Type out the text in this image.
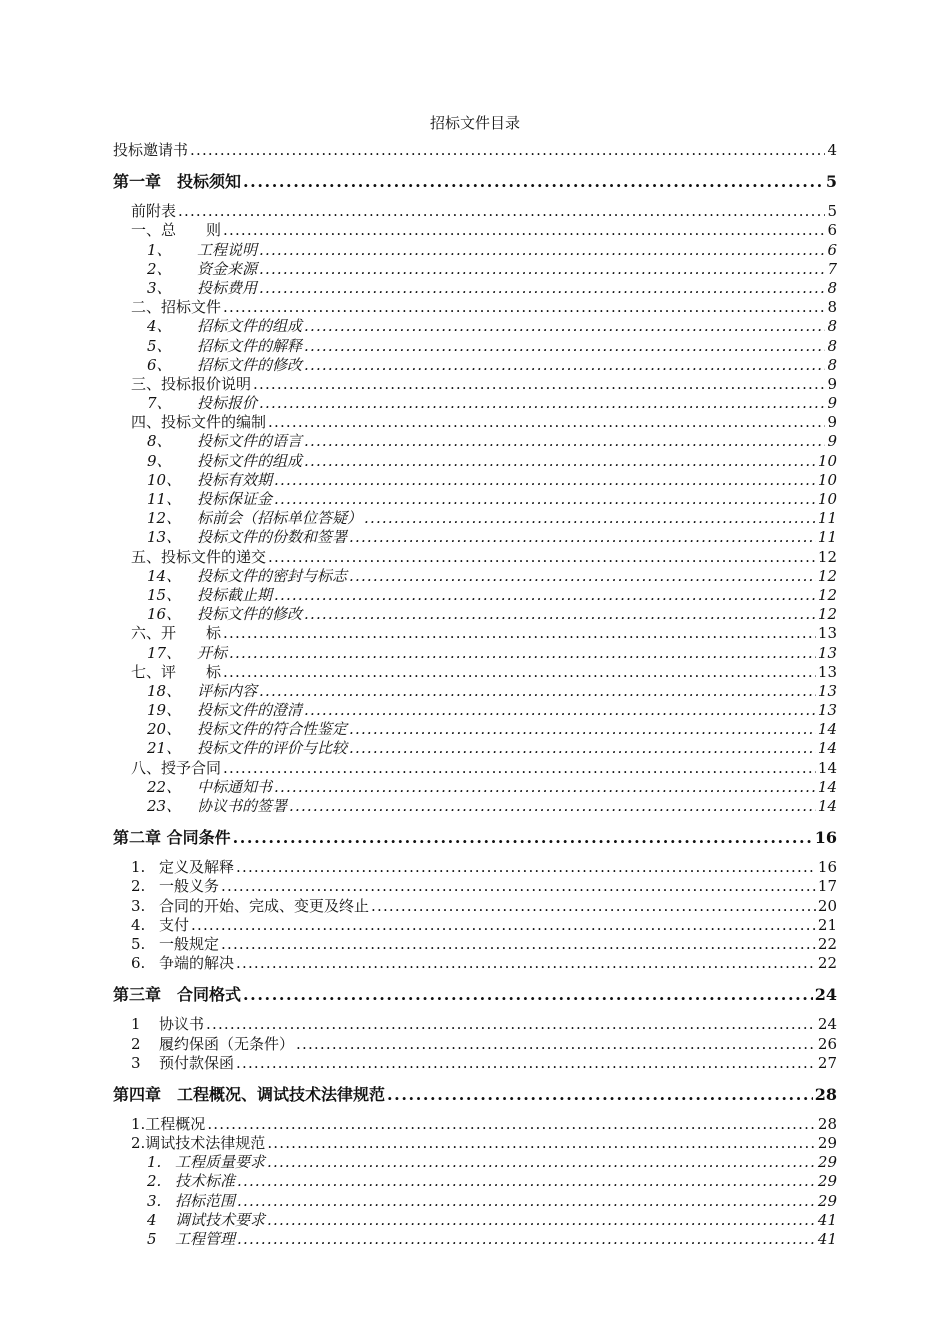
招标文件目录
投标邀请书 .....	4
第一章　投标须知 .....	5
前附表 .....	5
一、总　　则 .....	6
1、 工程说明 .....	6
2、 资金来源 .....	7
3、 投标费用 .....	8
二、招标文件 .....	8
4、 招标文件的组成 .....	8
5、 招标文件的解释 .....	8
6、 招标文件的修改 .....	8
三、投标报价说明 .....	9
7、 投标报价 .....	9
四、投标文件的编制 .....	9
8、 投标文件的语言 .....	9
9、 投标文件的组成 .....	10
10、 投标有效期 .....	10
11、 投标保证金 .....	10
12、 标前会（招标单位答疑） .....	11
13、 投标文件的份数和签署 .....	11
五、投标文件的递交 .....	12
14、 投标文件的密封与标志 .....	12
15、 投标截止期 .....	12
16、 投标文件的修改 .....	12
六、开　　标 .....	13
17、 开标 .....	13
七、评　　标 .....	13
18、 评标内容 .....	13
19、 投标文件的澄清 .....	13
20、 投标文件的符合性鉴定 .....	14
21、 投标文件的评价与比较 .....	14
八、授予合同 .....	14
22、 中标通知书 .....	14
23、 协议书的签署 .....	14
第二章 合同条件 .....	16
1. 定义及解释 .....	16
2. 一般义务 .....	17
3. 合同的开始、完成、变更及终止 .....	20
4. 支付 .....	21
5. 一般规定 .....	22
6. 争端的解决 .....	22
第三章　合同格式 .....	24
1 协议书 .....	24
2 履约保函（无条件） .....	26
3 预付款保函 .....	27
第四章　工程概况、调试技术法律规范 .....	28
1.工程概况 .....	28
2.调试技术法律规范 .....	29
1. 工程质量要求 .....	29
2. 技术标准 .....	29
3. 招标范围 .....	29
4 调试技术要求 .....	41
5 工程管理 .....	41
